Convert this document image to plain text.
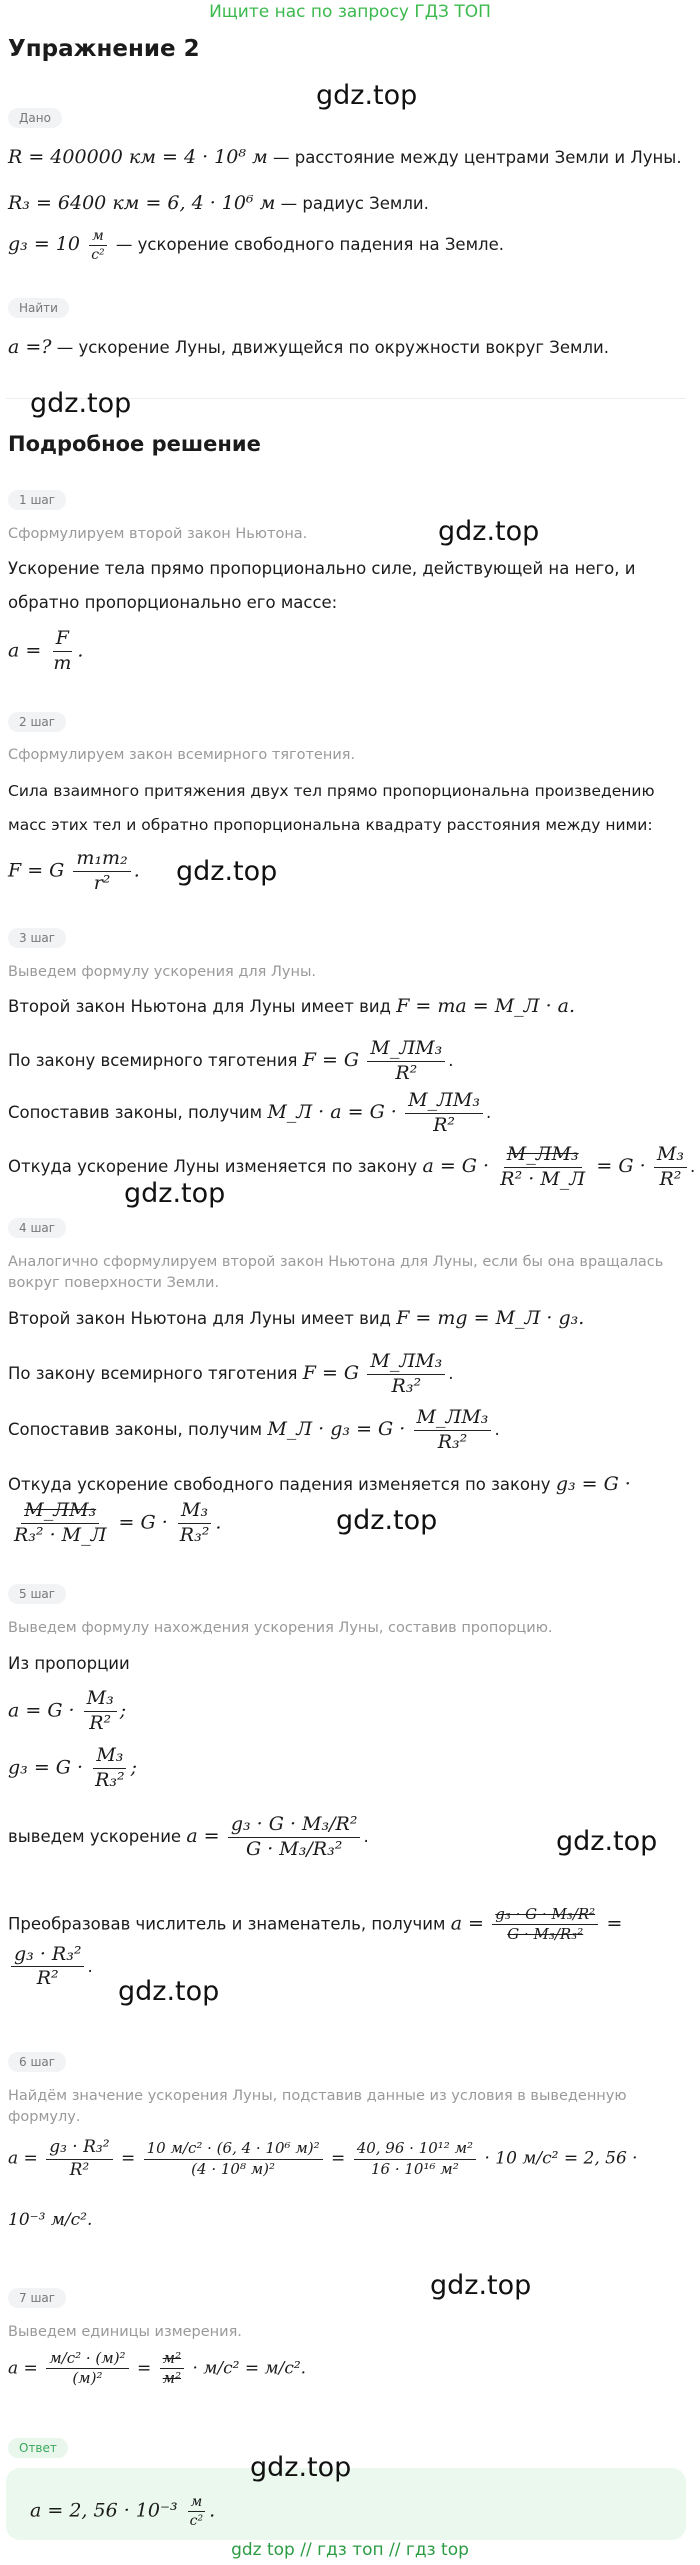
Ищите нас по запросу ГДЗ ТОП
Упражнение 2
gdz.top
Дано
R = 400000 км = 4 · 10⁸ м — расстояние между центрами Земли и Луны.
R₃ = 6400 км = 6, 4 · 10⁶ м — радиус Земли.
$g_3 = 10 \frac{м}{\text{c²}}$ — ускорение свободного падения на Земле.
Найти
a =? — ускорение Луны, движущейся по окружности вокруг Земли.
gdz.top
Подробное решение
1 шаг
Сформулируем второй закон Ньютона.	gdz.top
Ускорение тела прямо пропорционально силе, действующей на него, и
обратно пропорционально его массе:
$a = \frac{F}{m}$ .
2 шаг
Сформулируем закон всемирного тяготения.
Сила взаимного притяжения двух тел прямо пропорциональна произведению
масс этих тел и обратно пропорциональна квадрату расстояния между ними:
F = G $\frac{\text{m₁m₂}}{\text{r²}}$ . gdz.top
3 шаг
Выведем формулу ускорения для Луны.
Второй закон Ньютона для Луны имеет вид F = ma = M_Л · a.
По закону всемирного тяготения F = G $\frac{\text{M\_ЛM₃}}{\text{R²}}$ .
Сопоставив законы, получим M_Л · $a = G \cdot \frac{\text{M\_ЛM₃}}{\text{R²}}$ .
Откуда ускорение Луны изменяется по закону $a = G \cdot \frac{\text{M\_ЛM₃}}{\text{R² · M\_Л}} = G \cdot \frac{\text{M₃}}{\text{R²}}$ .
gdz.top
4 шаг
Аналогично сформулируем второй закон Ньютона для Луны, если бы она вращалась
вокруг поверхности Земли.
Второй закон Ньютона для Луны имеет вид F = mg = M_Л · g₃.
По закону всемирного тяготения F = G $\frac{\text{M\_ЛM₃}}{\text{R₃²}}$ .
Сопоставив законы, получим M_Л · $g_3 = G \cdot \frac{\text{M\_ЛM₃}}{\text{R₃²}}$ .
Откуда ускорение свободного падения изменяется по закону g₃ = G ·
$\frac{\text{M\_ЛM₃}}{\text{R₃² · M\_Л}} = G \cdot \frac{\text{M₃}}{\text{R₃²}}$ .	gdz.top
5 шаг
Выведем формулу нахождения ускорения Луны, составив пропорцию.
Из пропорции
$a = G \cdot \frac{\text{M₃}}{\text{R²}}$ ;
$g_3 = G \cdot \frac{\text{M₃}}{\text{R₃²}}$ ;
выведем ускорение $a = \frac{\text{g₃ · G · M₃/R²}}{\text{G · M₃/R₃²}}$ .	gdz.top
Преобразовав числитель и знаменатель, получим $a = \frac{\text{g₃ · G · M₃/R²}}{\text{G · M₃/R₃²}}$ =
$\frac{\text{g₃ · R₃²}}{\text{R²}}$ .
gdz.top
6 шаг
Найдём значение ускорения Луны, подставив данные из условия в выведенную
формулу.
$a = \frac{\text{g₃ · R₃²}}{\text{R²}} = \frac{\text{10 м/c² · (6, 4 · 10⁶ м)²}}{\text{(4 · 10⁸ м)²}} = \frac{\text{40, 96 · 10¹² м²}}{\text{16 · 10¹⁶ м²}} \cdot 10$ м/c² = 2, 56 ·
10⁻³ м/c².
gdz.top
7 шаг
Выведем единицы измерения.
$a = \frac{\text{м/c² · (м)²}}{\text{(м)²}} = \frac{\text{м²}}{\text{м²}} \cdot м/c^2 = м/c^2$.
Ответ
gdz.top
a = 2, $56 \cdot 10^{-3} \frac{м}{\text{c²}}$ .
gdz top // гдз топ // гдз top
